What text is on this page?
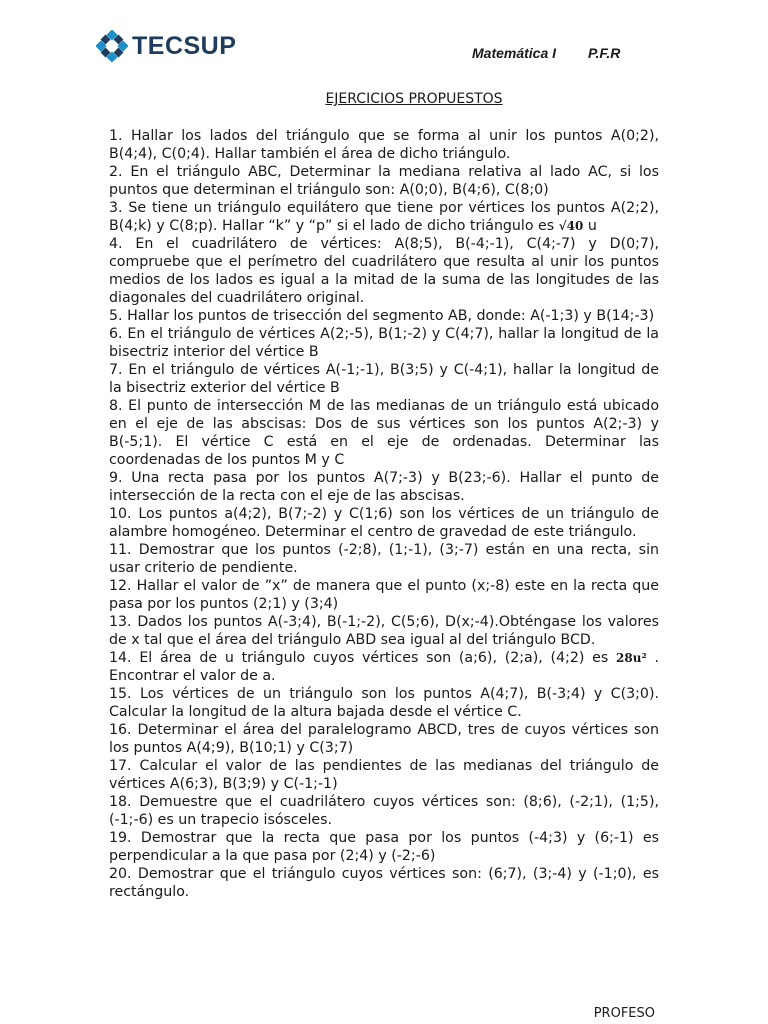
TECSUP	Matemática I P.F.R
EJERCICIOS PROPUESTOS
1. Hallar los lados del triángulo que se forma al unir los puntos A(0;2), B(4;4), C(0;4). Hallar también el área de dicho triángulo.
2. En el triángulo ABC, Determinar la mediana relativa al lado AC, si los puntos que determinan el triángulo son: A(0;0), B(4;6), C(8;0)
3. Se tiene un triángulo equilátero que tiene por vértices los puntos A(2;2), B(4;k) y C(8;p). Hallar “k” y “p” si el lado de dicho triángulo es √40 u
4. En el cuadrilátero de vértices: A(8;5), B(-4;-1), C(4;-7) y D(0;7), compruebe que el perímetro del cuadrilátero que resulta al unir los puntos medios de los lados es igual a la mitad de la suma de las longitudes de las diagonales del cuadrilátero original.
5. Hallar los puntos de trisección del segmento AB, donde: A(-1;3) y B(14;-3)
6. En el triángulo de vértices A(2;-5), B(1;-2) y C(4;7), hallar la longitud de la bisectriz interior del vértice B
7. En el triángulo de vértices A(-1;-1), B(3;5) y C(-4;1), hallar la longitud de la bisectriz exterior del vértice B
8. El punto de intersección M de las medianas de un triángulo está ubicado en el eje de las abscisas: Dos de sus vértices son los puntos A(2;-3) y B(-5;1). El vértice C está en el eje de ordenadas. Determinar las coordenadas de los puntos M y C
9. Una recta pasa por los puntos A(7;-3) y B(23;-6). Hallar el punto de intersección de la recta con el eje de las abscisas.
10. Los puntos a(4;2), B(7;-2) y C(1;6) son los vértices de un triángulo de alambre homogéneo. Determinar el centro de gravedad de este triángulo.
11. Demostrar que los puntos (-2;8), (1;-1), (3;-7) están en una recta, sin usar criterio de pendiente.
12. Hallar el valor de ”x” de manera que el punto (x;-8) este en la recta que pasa por los puntos (2;1) y (3;4)
13. Dados los puntos A(-3;4), B(-1;-2), C(5;6), D(x;-4).Obténgase los valores de x tal que el área del triángulo ABD sea igual al del triángulo BCD.
14. El área de u triángulo cuyos vértices son (a;6), (2;a), (4;2) es 28u² . Encontrar el valor de a.
15. Los vértices de un triángulo son los puntos A(4;7), B(-3;4) y C(3;0). Calcular la longitud de la altura bajada desde el vértice C.
16. Determinar el área del paralelogramo ABCD, tres de cuyos vértices son los puntos A(4;9), B(10;1) y C(3;7)
17. Calcular el valor de las pendientes de las medianas del triángulo de vértices A(6;3), B(3;9) y C(-1;-1)
18. Demuestre que el cuadrilátero cuyos vértices son: (8;6), (-2;1), (1;5), (-1;-6) es un trapecio isósceles.
19. Demostrar que la recta que pasa por los puntos (-4;3) y (6;-1) es perpendicular a la que pasa por (2;4) y (-2;-6)
20. Demostrar que el triángulo cuyos vértices son: (6;7), (3;-4) y (-1;0), es rectángulo.
PROFESO
